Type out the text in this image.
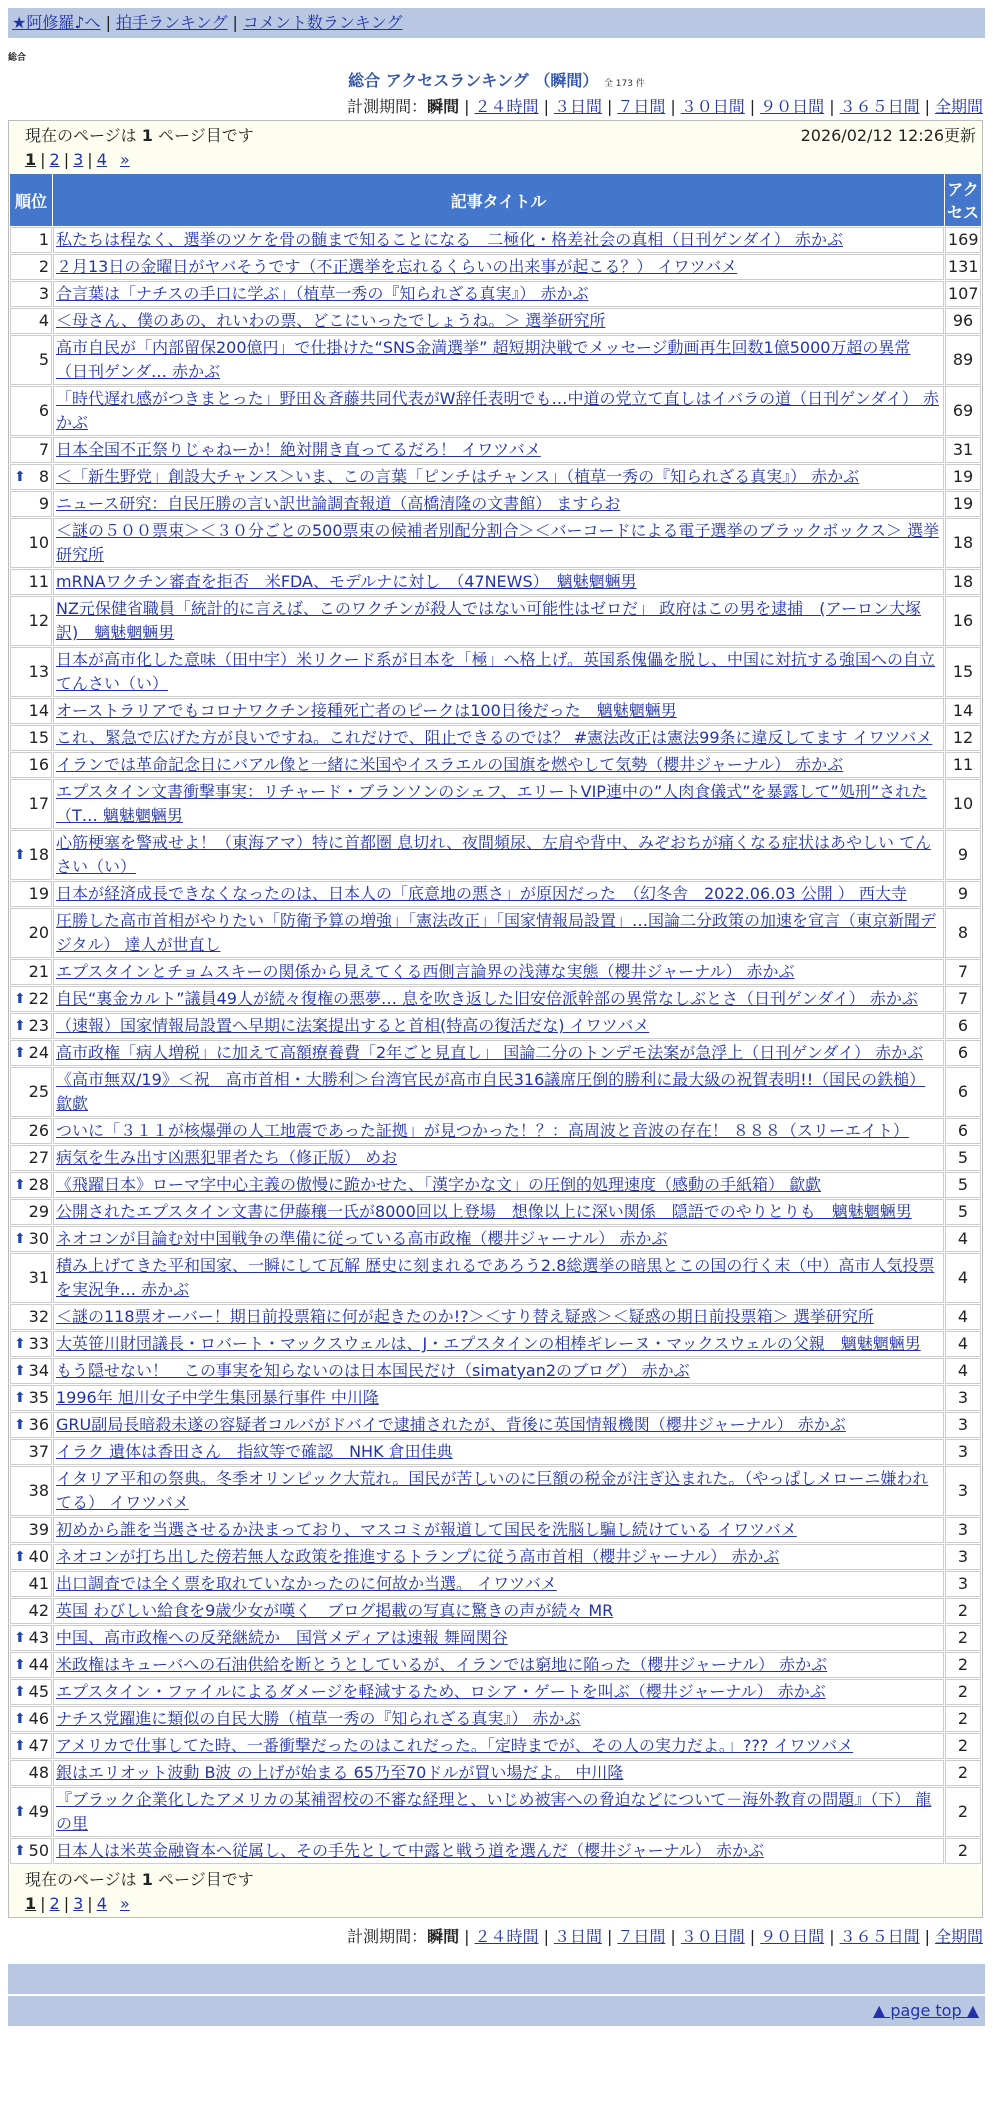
★阿修羅♪へ | 拍手ランキング | コメント数ランキング
総合
総合 アクセスランキング （瞬間） 全 173 件
計測期間：瞬間 | ２４時間 | ３日間 | ７日間 | ３０日間 | ９０日間 | ３６５日間 | 全期間
現在のページは 1 ページ目です	2026/02/12 12:26更新
1 | 2 | 3 | 4 »
順位	記事タイトル	アクセス
1	私たちは程なく、選挙のツケを骨の髄まで知ることになる　二極化・格差社会の真相（日刊ゲンダイ） 赤かぶ	169
2	２月13日の金曜日がヤバそうです（不正選挙を忘れるくらいの出来事が起こる？） イワツバメ	131
3	合言葉は「ナチスの手口に学ぶ」（植草一秀の『知られざる真実』） 赤かぶ	107
4	＜母さん、僕のあの、れいわの票、どこにいったでしょうね。＞ 選挙研究所	96
5	高市自民が「内部留保200億円」で仕掛けた“SNS金満選挙” 超短期決戦でメッセージ動画再生回数1億5000万超の異常（日刊ゲンダ… 赤かぶ	89
6	「時代遅れ感がつきまとった」野田＆斉藤共同代表がW辞任表明でも…中道の党立て直しはイバラの道（日刊ゲンダイ） 赤かぶ	69
7	日本全国不正祭りじゃねーか！絶対開き直ってるだろ！ イワツバメ	31

⬆ 8	＜「新生野党」創設大チャンス＞いま、この言葉「ピンチはチャンス」（植草一秀の『知られざる真実』） 赤かぶ	19
9	ニュース研究：自民圧勝の言い訳世論調査報道（高橋清隆の文書館） ますらお	19
10	＜謎の５００票束＞＜３０分ごとの500票束の候補者別配分割合＞＜バーコードによる電子選挙のブラックボックス＞ 選挙研究所	18
11	mRNAワクチン審査を拒否　米FDA、モデルナに対し　（47NEWS）　魑魅魍魎男	18
12	NZ元保健省職員「統計的に言えば、このワクチンが殺人ではない可能性はゼロだ」 政府はこの男を逮捕　(アーロン大塚訳)　魑魅魍魎男	16
13	日本が高市化した意味（田中宇）米リクード系が日本を「極」へ格上げ。英国系傀儡を脱し、中国に対抗する強国への自立 てんさい（い）	15
14	オーストラリアでもコロナワクチン接種死亡者のピークは100日後だった　魑魅魍魎男	14
15	これ、緊急で広げた方が良いですね。これだけで、阻止できるのでは？ #憲法改正は憲法99条に違反してます イワツバメ	12
16	イランでは革命記念日にバアル像と一緒に米国やイスラエルの国旗を燃やして気勢（櫻井ジャーナル） 赤かぶ	11
17	エプスタイン文書衝撃事実：リチャード・ブランソンのシェフ、エリートVIP連中の”人肉食儀式”を暴露して”処刑”された（T… 魑魅魍魎男	10

⬆ 18	心筋梗塞を警戒せよ！（東海アマ）特に首都圏 息切れ、夜間頻尿、左肩や背中、みぞおちが痛くなる症状はあやしい てんさい（い）	9
19	日本が経済成長できなくなったのは、日本人の「底意地の悪さ」が原因だった　（幻冬舎　2022.06.03 公開 ） 西大寺	9
20	圧勝した高市首相がやりたい「防衛予算の増強」「憲法改正」「国家情報局設置」…国論二分政策の加速を宣言（東京新聞デジタル） 達人が世直し	8
21	エプスタインとチョムスキーの関係から見えてくる西側言論界の浅薄な実態（櫻井ジャーナル） 赤かぶ	7

⬆ 22	自民“裏金カルト”議員49人が続々復権の悪夢… 息を吹き返した旧安倍派幹部の異常なしぶとさ（日刊ゲンダイ） 赤かぶ	7

⬆ 23	（速報）国家情報局設置へ早期に法案提出すると首相(特高の復活だな) イワツバメ	6

⬆ 24	高市政権「病人増税」に加えて高額療養費「2年ごと見直し」 国論二分のトンデモ法案が急浮上（日刊ゲンダイ） 赤かぶ	6
25	《高市無双/19》＜祝　高市首相・大勝利＞台湾官民が高市自民316議席圧倒的勝利に最大級の祝賀表明!!（国民の鉄槌） 歙歔	6
26	ついに「３１１が核爆弾の人工地震であった証拠」が見つかった！？：高周波と音波の存在！ ８８８（スリーエイト）	6
27	病気を生み出す凶悪犯罪者たち（修正版） めお	5

⬆ 28	《飛躍日本》ローマ字中心主義の傲慢に跪かせた、「漢字かな文」の圧倒的処理速度（感動の手紙箱） 歙歔	5
29	公開されたエプスタイン文書に伊藤穰一氏が8000回以上登場　想像以上に深い関係　隠語でのやりとりも　魑魅魍魎男	5

⬆ 30	ネオコンが目論む対中国戦争の準備に従っている高市政権（櫻井ジャーナル） 赤かぶ	4
31	積み上げてきた平和国家、一瞬にして瓦解 歴史に刻まれるであろう2.8総選挙の暗黒とこの国の行く末（中）高市人気投票を実況争… 赤かぶ	4
32	＜謎の118票オーバー！期日前投票箱に何が起きたのか!?＞＜すり替え疑惑＞＜疑惑の期日前投票箱＞ 選挙研究所	4

⬆ 33	大英笹川財団議長・ロバート・マックスウェルは、J・エプスタインの相棒ギレーヌ・マックスウェルの父親　魑魅魍魎男	4

⬆ 34	もう隠せない！　この事実を知らないのは日本国民だけ（simatyan2のブログ） 赤かぶ	4

⬆ 35	1996年 旭川女子中学生集団暴行事件 中川隆	3

⬆ 36	GRU副局長暗殺未遂の容疑者コルバがドバイで逮捕されたが、背後に英国情報機関（櫻井ジャーナル） 赤かぶ	3
37	イラク 遺体は香田さん　指紋等で確認　NHK 倉田佳典	3
38	イタリア平和の祭典。冬季オリンピック大荒れ。国民が苦しいのに巨額の税金が注ぎ込まれた。（やっぱしメローニ嫌われてる） イワツバメ	3
39	初めから誰を当選させるか決まっており、マスコミが報道して国民を洗脳し騙し続けている イワツバメ	3

⬆ 40	ネオコンが打ち出した傍若無人な政策を推進するトランプに従う高市首相（櫻井ジャーナル） 赤かぶ	3
41	出口調査では全く票を取れていなかったのに何故か当選。 イワツバメ	3
42	英国 わびしい給食を9歳少女が嘆く　ブログ掲載の写真に驚きの声が続々 MR	2

⬆ 43	中国、高市政権への反発継続か　国営メディアは速報 舞岡関谷	2

⬆ 44	米政権はキューバへの石油供給を断とうとしているが、イランでは窮地に陥った（櫻井ジャーナル） 赤かぶ	2

⬆ 45	エプスタイン・ファイルによるダメージを軽減するため、ロシア・ゲートを叫ぶ（櫻井ジャーナル） 赤かぶ	2

⬆ 46	ナチス党躍進に類似の自民大勝（植草一秀の『知られざる真実』） 赤かぶ	2

⬆ 47	アメリカで仕事してた時、一番衝撃だったのはこれだった。「定時までが、その人の実力だよ。」??? イワツバメ	2
48	銀はエリオット波動 B波 の上げが始まる 65乃至70ドルが買い場だよ。 中川隆	2

⬆ 49	『ブラック企業化したアメリカの某補習校の不審な経理と、いじめ被害への脅迫などについて－海外教育の問題』（下） 龍の里	2

⬆ 50	日本人は米英金融資本へ従属し、その手先として中露と戦う道を選んだ（櫻井ジャーナル） 赤かぶ	2
現在のページは 1 ページ目です
1 | 2 | 3 | 4 »
計測期間：瞬間 | ２４時間 | ３日間 | ７日間 | ３０日間 | ９０日間 | ３６５日間 | 全期間
▲ page top ▲
